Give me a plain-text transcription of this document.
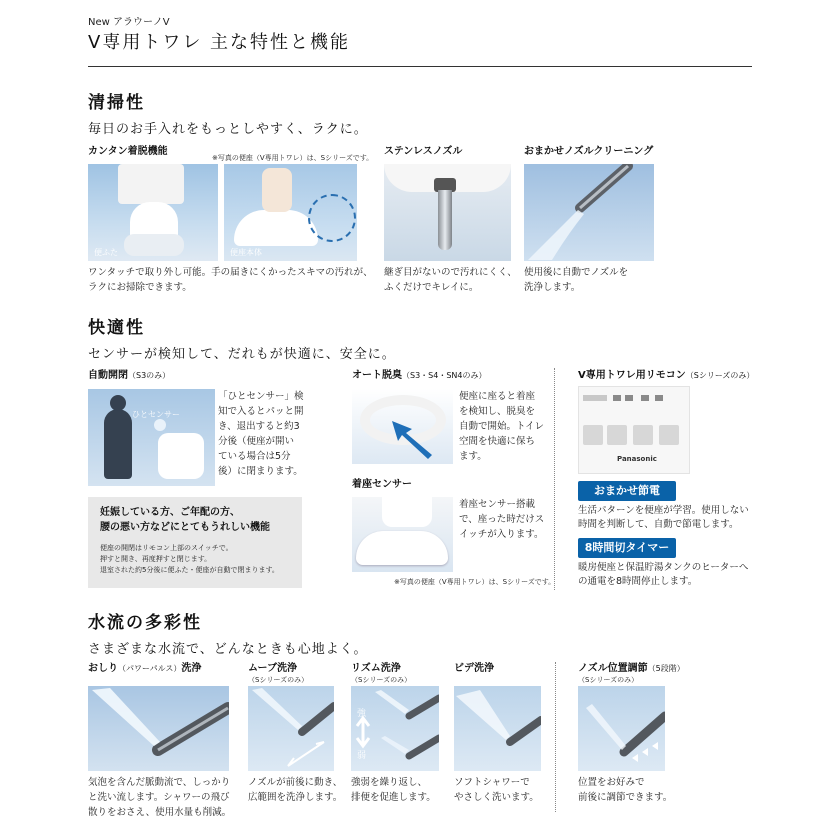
New アラウーノV
V専用トワレ 主な特性と機能
清掃性
毎日のお手入れをもっとしやすく、ラクに。
カンタン着脱機能
※写真の便座（V専用トワレ）は、Sシリーズです。
便ふた	便座本体
ワンタッチで取り外し可能。手の届きにくかったスキマの汚れが、
ラクにお掃除できます。
ステンレスノズル
継ぎ目がないので汚れにくく、
ふくだけでキレイに。
おまかせノズルクリーニング
使用後に自動でノズルを
洗浄します。
快適性
センサーが検知して、だれもが快適に、安全に。
自動開閉（S3のみ）
ひとセンサー
「ひとセンサー」検
知で入るとパッと開
き、退出すると約3
分後（便座が開い
ている場合は5分
後）に閉まります。
妊娠している方、ご年配の方、
腰の悪い方などにとてもうれしい機能
便座の開閉はリモコン上部のスイッチで。
押すと開き、再度押すと閉じます。
退室された約5分後に便ふた・便座が自動で閉まります。
オート脱臭（S3・S4・SN4のみ）
便座に座ると着座
を検知し、脱臭を
自動で開始。トイレ
空間を快適に保ち
ます。
着座センサー
着座センサー搭載
で、座った時だけス
イッチが入ります。
※写真の便座（V専用トワレ）は、Sシリーズです。
V専用トワレ用リモコン（Sシリーズのみ）
Panasonic
おまかせ節電
生活パターンを便座が学習。使用しない
時間を判断して、自動で節電します。
8時間切タイマー
暖房便座と保温貯湯タンクのヒーターへ
の通電を8時間停止します。
水流の多彩性
さまざまな水流で、どんなときも心地よく。
おしり（パワーパルス）洗浄
気泡を含んだ脈動流で、しっかり
と洗い流します。シャワーの飛び
散りをおさえ、使用水量も削減。
ムーブ洗浄
（Sシリーズのみ）
ノズルが前後に動き、
広範囲を洗浄します。
リズム洗浄
（Sシリーズのみ）
強
弱
強弱を繰り返し、
排便を促進します。
ビデ洗浄
ソフトシャワーで
やさしく洗います。
ノズル位置調節（5段階）
（Sシリーズのみ）
位置をお好みで
前後に調節できます。
